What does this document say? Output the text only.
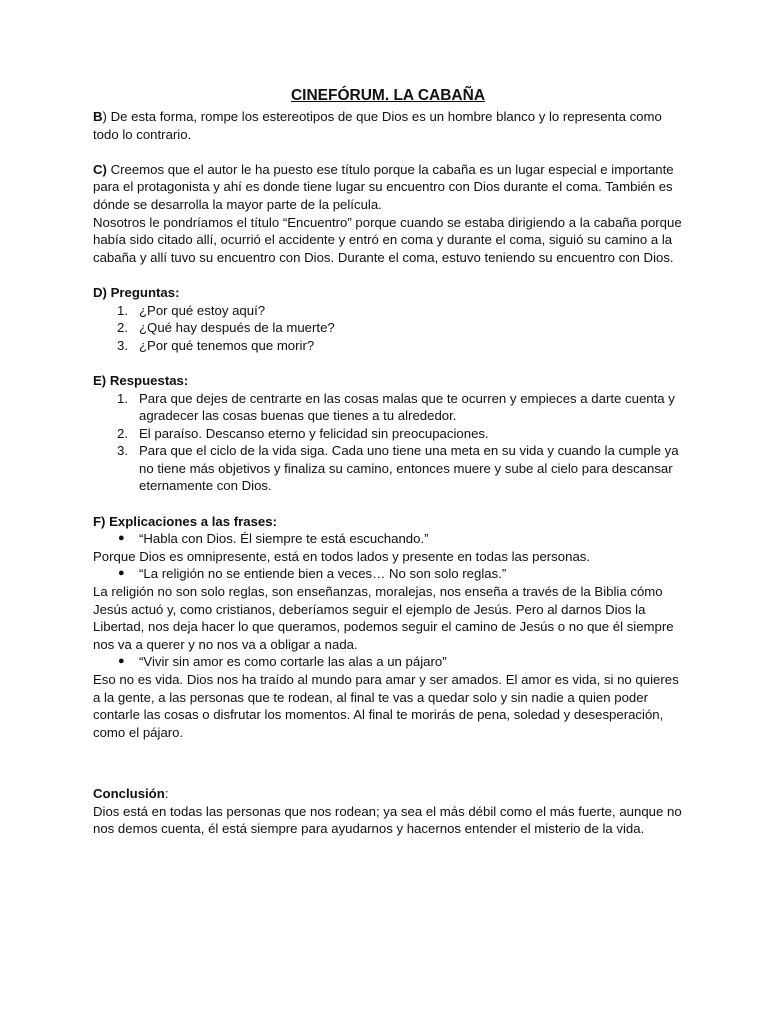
CINEFÓRUM. LA CABAÑA

B) De esta forma, rompe los estereotipos de que Dios es un hombre blanco y lo representa como todo lo contrario.

C) Creemos que el autor le ha puesto ese título porque la cabaña es un lugar especial e importante para el protagonista y ahí es donde tiene lugar su encuentro con Dios durante el coma. También es dónde se desarrolla la mayor parte de la película.

Nosotros le pondríamos el título “Encuentro” porque cuando se estaba dirigiendo a la cabaña porque había sido citado allí, ocurrió el accidente y entró en coma y durante el coma, siguió su camino a la cabaña y allí tuvo su encuentro con Dios. Durante el coma, estuvo teniendo su encuentro con Dios.

D) Preguntas:

1. ¿Por qué estoy aquí?
2. ¿Qué hay después de la muerte?
3. ¿Por qué tenemos que morir?

E) Respuestas:

1. Para que dejes de centrarte en las cosas malas que te ocurren y empieces a darte cuenta y agradecer las cosas buenas que tienes a tu alrededor.
2. El paraíso. Descanso eterno y felicidad sin preocupaciones.
3. Para que el ciclo de la vida siga. Cada uno tiene una meta en su vida y cuando la cumple ya no tiene más objetivos y finaliza su camino, entonces muere y sube al cielo para descansar eternamente con Dios.

F) Explicaciones a las frases:

● “Habla con Dios. Él siempre te está escuchando.”

Porque Dios es omnipresente, está en todos lados y presente en todas las personas.

● “La religión no se entiende bien a veces… No son solo reglas.”

La religión no son solo reglas, son enseñanzas, moralejas, nos enseña a través de la Biblia cómo Jesús actuó y, como cristianos, deberíamos seguir el ejemplo de Jesús. Pero al darnos Dios la Libertad, nos deja hacer lo que queramos, podemos seguir el camino de Jesús o no que él siempre nos va a querer y no nos va a obligar a nada.

● “Vivir sin amor es como cortarle las alas a un pájaro”

Eso no es vida. Dios nos ha traído al mundo para amar y ser amados. El amor es vida, si no quieres a la gente, a las personas que te rodean, al final te vas a quedar solo y sin nadie a quien poder contarle las cosas o disfrutar los momentos. Al final te morirás de pena, soledad y desesperación, como el pájaro.

Conclusión:

Dios está en todas las personas que nos rodean; ya sea el más débil como el más fuerte, aunque no nos demos cuenta, él está siempre para ayudarnos y hacernos entender el misterio de la vida.
